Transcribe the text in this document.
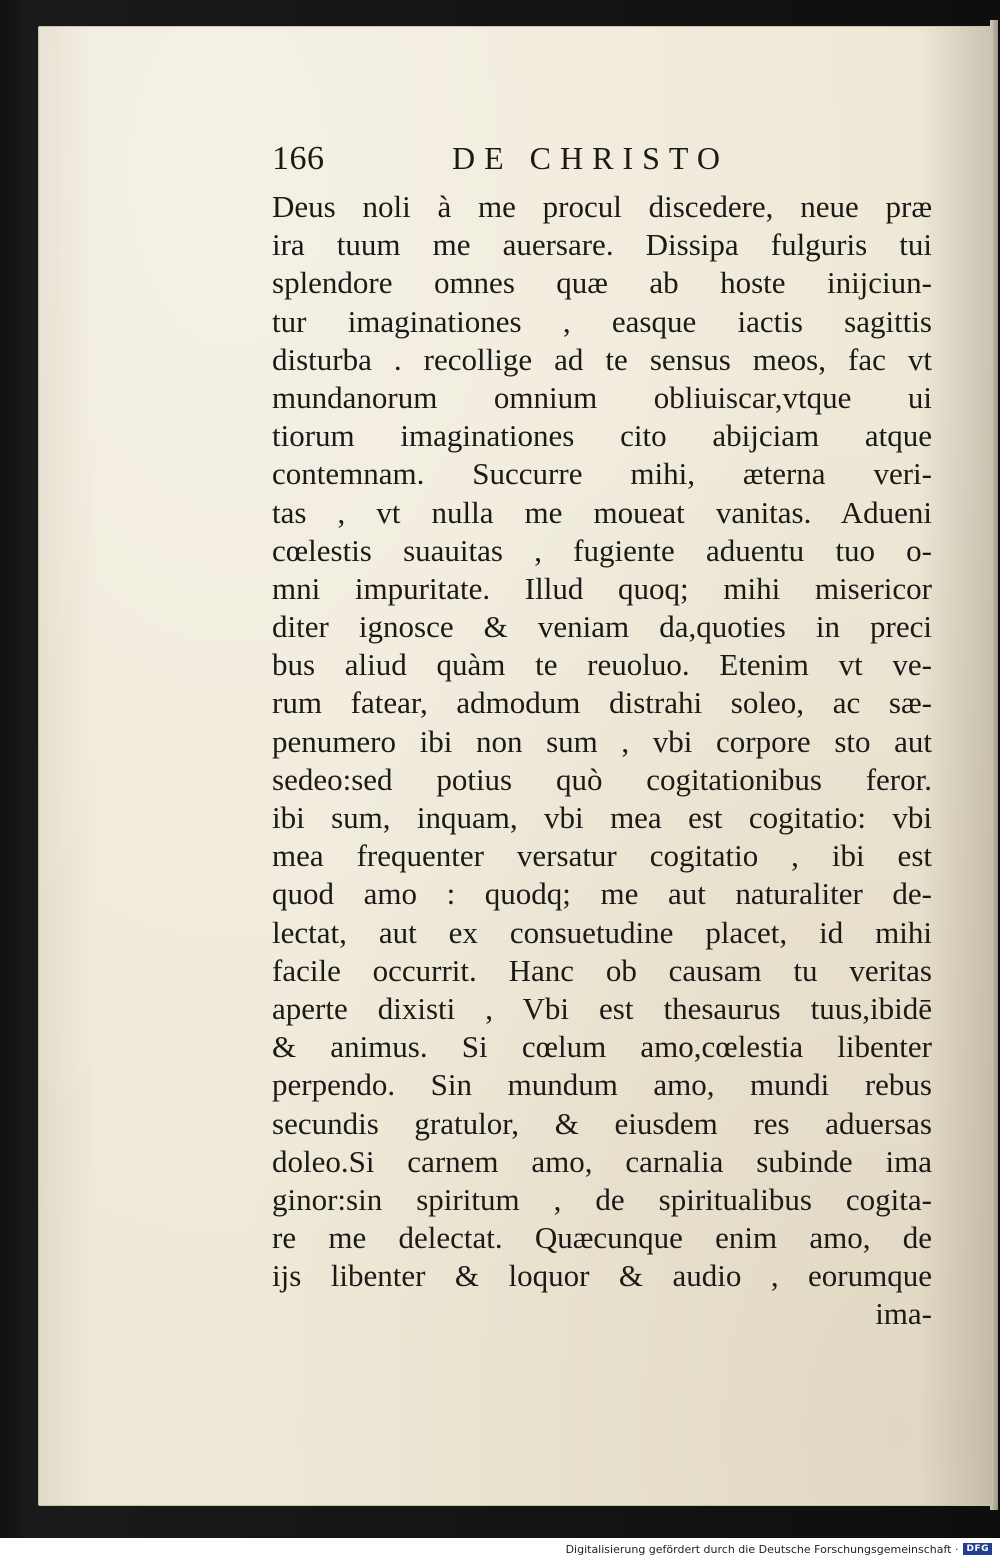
166	DE CHRISTO
Deus noli à me procul discedere, neue præ
ira tuum me auersare. Dissipa fulguris tui
splendore omnes quæ ab hoste inijciun-
tur imaginationes , easque iactis sagittis
disturba . recollige ad te sensus meos, fac vt
mundanorum omnium obliuiscar,vtque ui
tiorum imaginationes cito abijciam atque
contemnam. Succurre mihi, æterna veri-
tas , vt nulla me moueat vanitas. Adueni
cœlestis suauitas , fugiente aduentu tuo o-
mni impuritate. Illud quoq; mihi misericor
diter ignosce & veniam da,quoties in preci
bus aliud quàm te reuoluo. Etenim vt ve-
rum fatear, admodum distrahi soleo, ac sæ-
penumero ibi non sum , vbi corpore sto aut
sedeo:sed potius quò cogitationibus feror.
ibi sum, inquam, vbi mea est cogitatio: vbi
mea frequenter versatur cogitatio , ibi est
quod amo : quodq; me aut naturaliter de-
lectat, aut ex consuetudine placet, id mihi
facile occurrit. Hanc ob causam tu veritas
aperte dixisti , Vbi est thesaurus tuus,ibidē
& animus. Si cœlum amo,cœlestia libenter
perpendo. Sin mundum amo, mundi rebus
secundis gratulor, & eiusdem res aduersas
doleo.Si carnem amo, carnalia subinde ima
ginor:sin spiritum , de spiritualibus cogita-
re me delectat. Quæcunque enim amo, de
ijs libenter & loquor & audio , eorumque
ima-
Digitalisierung gefördert durch die Deutsche Forschungsgemeinschaft · DFG
